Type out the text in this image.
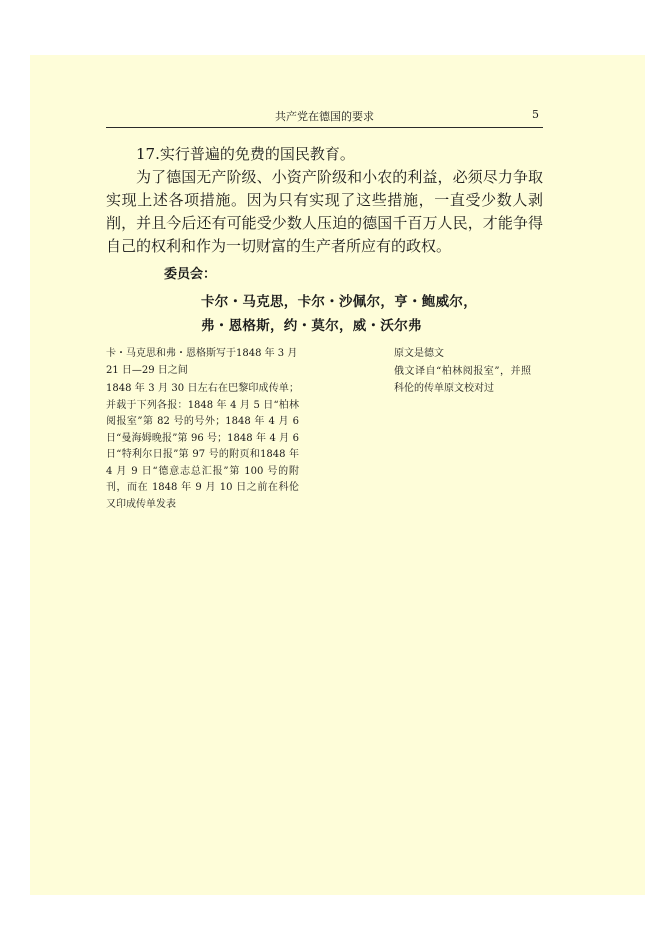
共产党在德国的要求	5

17.实行普遍的免费的国民教育。

为了德国无产阶级、小资产阶级和小农的利益，必须尽力争取实现上述各项措施。因为只有实现了这些措施，一直受少数人剥削，并且今后还有可能受少数人压迫的德国千百万人民，才能争得自己的权利和作为一切财富的生产者所应有的政权。

委员会：
卡尔・马克思，卡尔・沙佩尔，亨・鲍威尔，
弗・恩格斯，约・莫尔，威・沃尔弗

卡・马克思和弗・恩格斯写于1848 年 3 月 21 日—29 日之间

1848 年 3 月 30 日左右在巴黎印成传单；并载于下列各报：1848 年 4 月 5 日“柏林阅报室”第 82 号的号外；1848 年 4 月 6 日“曼海姆晚报”第 96 号；1848 年 4 月 6 日“特利尔日报”第 97 号的附页和1848 年 4 月 9 日“德意志总汇报”第 100 号的附刊，而在 1848 年 9 月 10 日之前在科伦又印成传单发表

原文是德文

俄文译自“柏林阅报室”，并照科伦的传单原文校对过
